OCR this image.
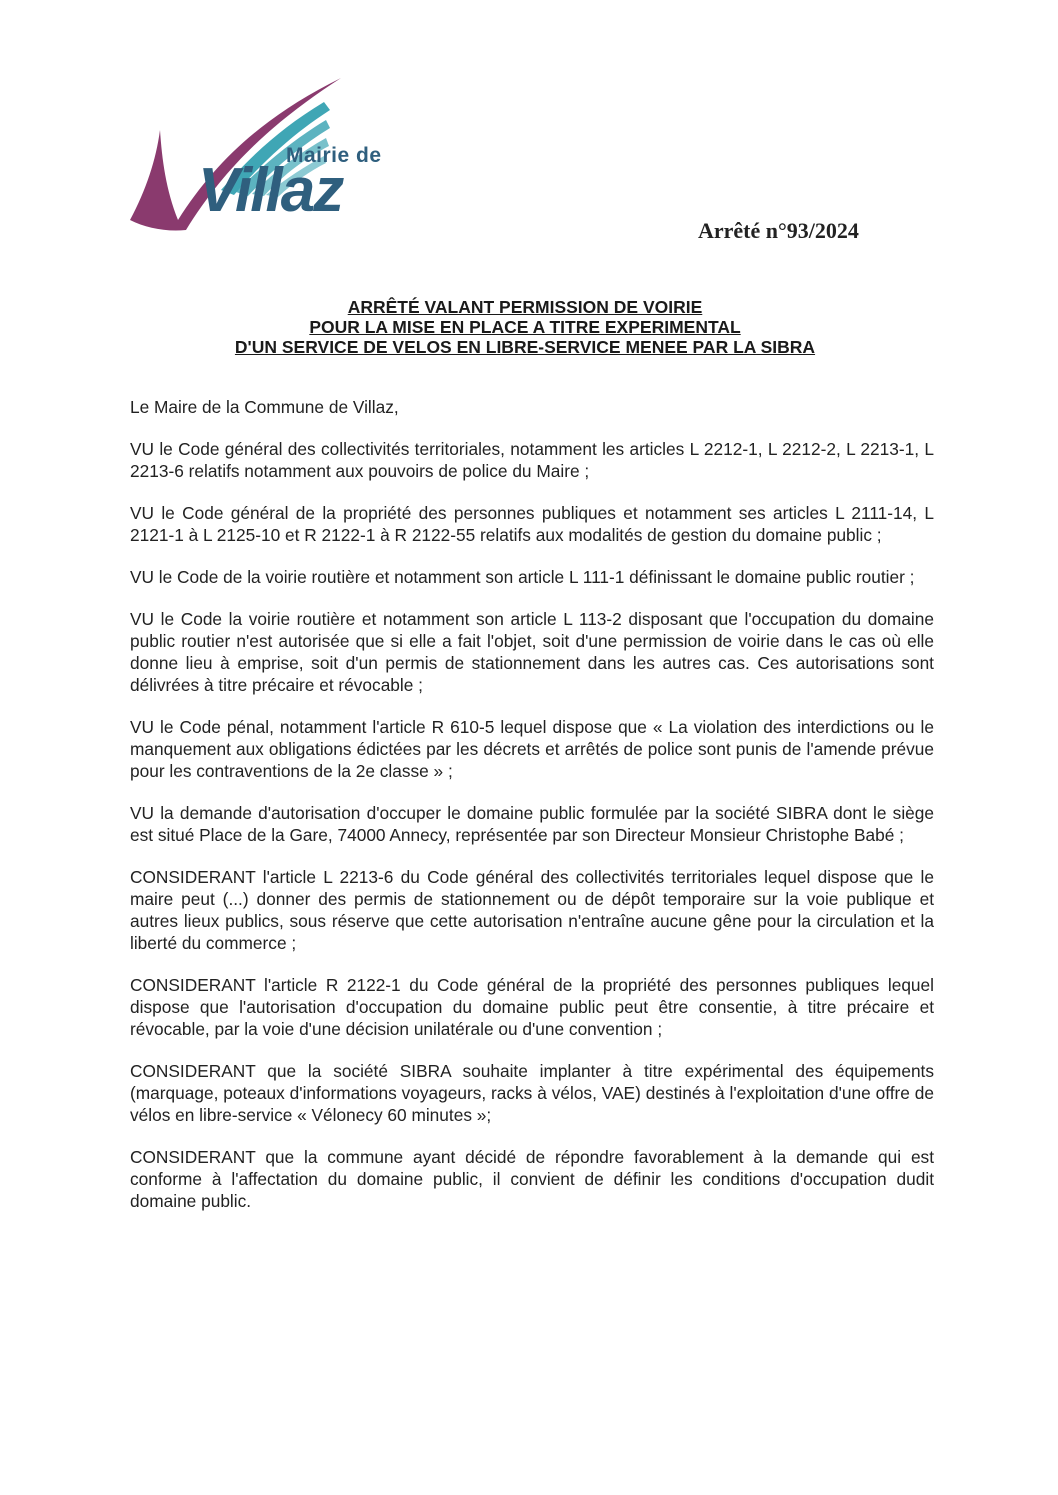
Mairie de
Villaz
Arrêté n°93/2024
ARRÊTÉ VALANT PERMISSION DE VOIRIE
POUR LA MISE EN PLACE A TITRE EXPERIMENTAL
D'UN SERVICE DE VELOS EN LIBRE-SERVICE MENEE PAR LA SIBRA

Le Maire de la Commune de Villaz,

VU le Code général des collectivités territoriales, notamment les articles L 2212-1, L 2212-2, L 2213-1, L 2213-6 relatifs notamment aux pouvoirs de police du Maire ;

VU le Code général de la propriété des personnes publiques et notamment ses articles L 2111-14, L 2121-1 à L 2125-10 et R 2122-1 à R 2122-55 relatifs aux modalités de gestion du domaine public ;

VU le Code de la voirie routière et notamment son article L 111-1 définissant le domaine public routier ;

VU le Code la voirie routière et notamment son article L 113-2 disposant que l'occupation du domaine public routier n'est autorisée que si elle a fait l'objet, soit d'une permission de voirie dans le cas où elle donne lieu à emprise, soit d'un permis de stationnement dans les autres cas. Ces autorisations sont délivrées à titre précaire et révocable ;

VU le Code pénal, notamment l'article R 610-5 lequel dispose que « La violation des interdictions ou le manquement aux obligations édictées par les décrets et arrêtés de police sont punis de l'amende prévue pour les contraventions de la 2e classe » ;

VU la demande d'autorisation d'occuper le domaine public formulée par la société SIBRA dont le siège est situé Place de la Gare, 74000 Annecy, représentée par son Directeur Monsieur Christophe Babé ;

CONSIDERANT l'article L 2213-6 du Code général des collectivités territoriales lequel dispose que le maire peut (...) donner des permis de stationnement ou de dépôt temporaire sur la voie publique et autres lieux publics, sous réserve que cette autorisation n'entraîne aucune gêne pour la circulation et la liberté du commerce ;

CONSIDERANT l'article R 2122-1 du Code général de la propriété des personnes publiques lequel dispose que l'autorisation d'occupation du domaine public peut être consentie, à titre précaire et révocable, par la voie d'une décision unilatérale ou d'une convention ;

CONSIDERANT que la société SIBRA souhaite implanter à titre expérimental des équipements (marquage, poteaux d'informations voyageurs, racks à vélos, VAE) destinés à l'exploitation d'une offre de vélos en libre-service « Vélonecy 60 minutes »;

CONSIDERANT que la commune ayant décidé de répondre favorablement à la demande qui est conforme à l'affectation du domaine public, il convient de définir les conditions d'occupation dudit domaine public.
